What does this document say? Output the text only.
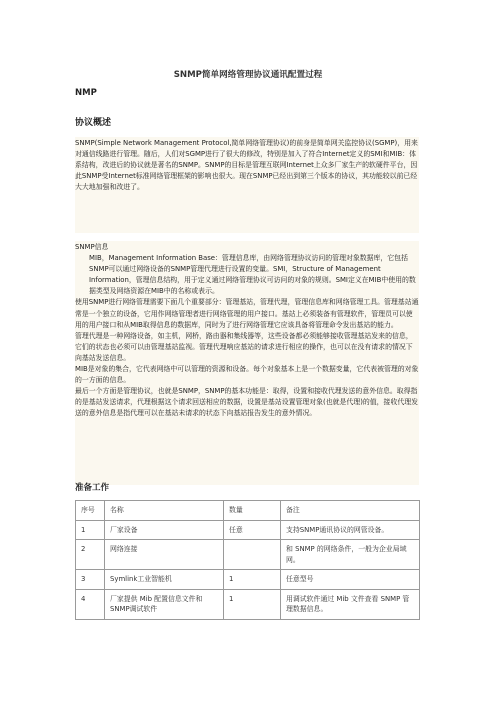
SNMP简单网络管理协议通讯配置过程
NMP
协议概述
SNMP(Simple Network Management Protocol,简单网络管理协议)的前身是简单网关监控协议(SGMP)，用来对通信线路进行管理。随后，人们对SGMP进行了很大的修改，特别是加入了符合Internet定义的SMI和MIB：体系结构，改进后的协议就是著名的SNMP。SNMP的目标是管理互联网Internet上众多厂家生产的软硬件平台，因此SNMP受Internet标准网络管理框架的影响也很大。现在SNMP已经出到第三个版本的协议，其功能较以前已经大大地加强和改进了。

SNMP信息

MIB，Management Information Base：管理信息库，由网络管理协议访问的管理对象数据库，它包括SNMP可以通过网络设备的SNMP管理代理进行设置的变量。SMI，Structure of Management Information，管理信息结构，用于定义通过网络管理协议可访问的对象的规则。SMI定义在MIB中使用的数据类型及网络资源在MIB中的名称或表示。

使用SNMP进行网络管理需要下面几个重要部分：管理基站，管理代理，管理信息库和网络管理工具。管理基站通常是一个独立的设备，它用作网络管理者进行网络管理的用户接口。基站上必须装备有管理软件，管理员可以使用的用户接口和从MIB取得信息的数据库，同时为了进行网络管理它应该具备将管理命令发出基站的能力。

管理代理是一种网络设备，如主机，网桥，路由器和集线器等，这些设备都必须能够接收管理基站发来的信息，它们的状态也必须可以由管理基站监视。管理代理响应基站的请求进行相应的操作，也可以在没有请求的情况下向基站发送信息。

MIB是对象的集合，它代表网络中可以管理的资源和设备。每个对象基本上是一个数据变量，它代表被管理的对象的一方面的信息。

最后一个方面是管理协议，也就是SNMP，SNMP的基本功能是：取得，设置和接收代理发送的意外信息。取得指的是基站发送请求，代理根据这个请求回送相应的数据，设置是基站设置管理对象(也就是代理)的值，接收代理发送的意外信息是指代理可以在基站未请求的状态下向基站报告发生的意外情况。

准备工作
序号	名称	数量	备注
1	厂家设备	任意	支持SNMP通讯协议的网管设备。
2	网络连接		和 SNMP 的网络条件，一般为企业局域网。
3	Symlink工业智能机	1	任意型号
4	厂家提供 Mib 配置信息文件和SNMP调试软件	1	用调试软件通过 Mib 文件查看 SNMP 管理数据信息。
